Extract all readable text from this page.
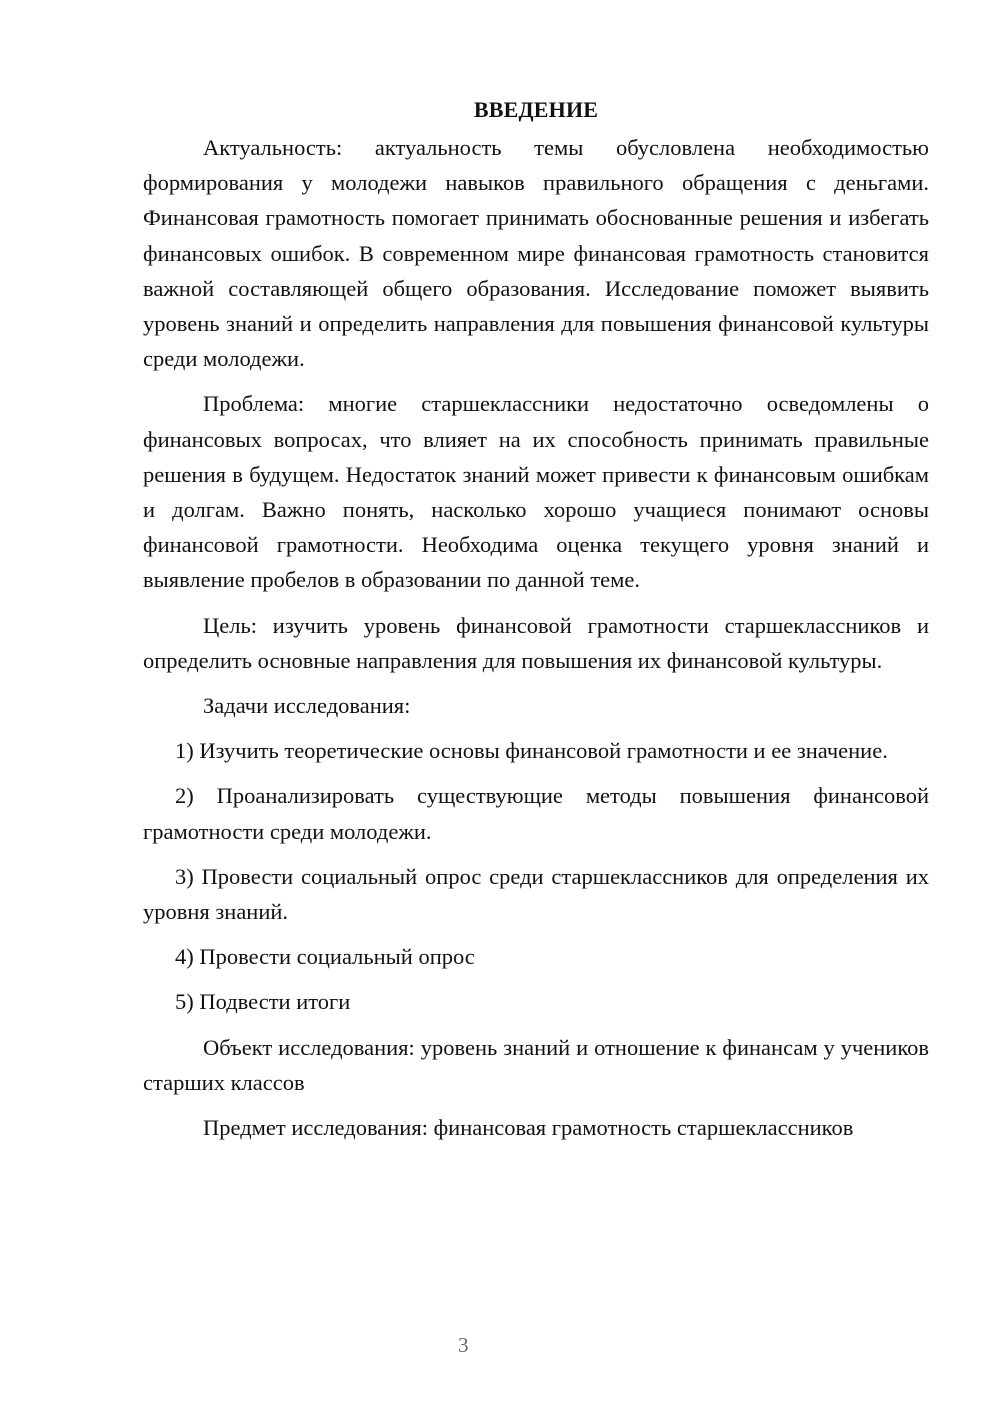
ВВЕДЕНИЕ

Актуальность: актуальность темы обусловлена необходимостью формирования у молодежи навыков правильного обращения с деньгами. Финансовая грамотность помогает принимать обоснованные решения и избегать финансовых ошибок. В современном мире финансовая грамотность становится важной составляющей общего образования. Исследование поможет выявить уровень знаний и определить направления для повышения финансовой культуры среди молодежи.

Проблема: многие старшеклассники недостаточно осведомлены о финансовых вопросах, что влияет на их способность принимать правильные решения в будущем. Недостаток знаний может привести к финансовым ошибкам и долгам. Важно понять, насколько хорошо учащиеся понимают основы финансовой грамотности. Необходима оценка текущего уровня знаний и выявление пробелов в образовании по данной теме.

Цель: изучить уровень финансовой грамотности старшеклассников и определить основные направления для повышения их финансовой культуры.

Задачи исследования:

1) Изучить теоретические основы финансовой грамотности и ее значение.

2) Проанализировать существующие методы повышения финансовой грамотности среди молодежи.

3) Провести социальный опрос среди старшеклассников для определения их уровня знаний.

4) Провести социальный опрос

5) Подвести итоги

Объект исследования: уровень знаний и отношение к финансам у учеников старших классов

Предмет исследования: финансовая грамотность старшеклассников

3
